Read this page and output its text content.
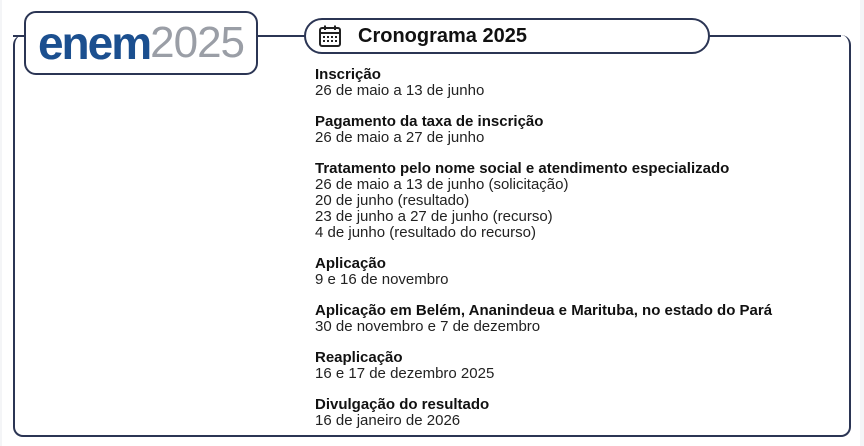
enem 2025	Cronograma 2025
Inscrição
26 de maio a 13 de junho
Pagamento da taxa de inscrição
26 de maio a 27 de junho
Tratamento pelo nome social e atendimento especializado
26 de maio a 13 de junho (solicitação)
20 de junho (resultado)
23 de junho a 27 de junho (recurso)
4 de junho (resultado do recurso)
Aplicação
9 e 16 de novembro
Aplicação em Belém, Ananindeua e Marituba, no estado do Pará
30 de novembro e 7 de dezembro
Reaplicação
16 e 17 de dezembro 2025
Divulgação do resultado
16 de janeiro de 2026
